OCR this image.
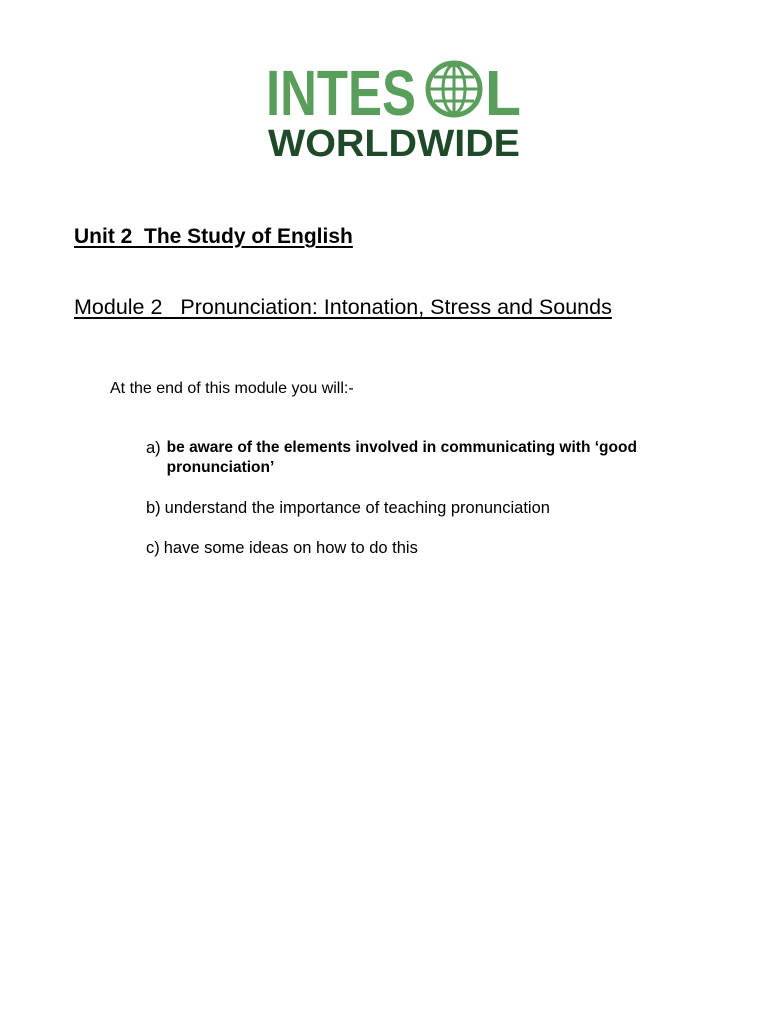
INTES L
WORLDWIDE
Unit 2  The Study of English
Module 2   Pronunciation: Intonation, Stress and Sounds

At the end of this module you will:-

a) be aware of the elements involved in communicating with ‘good pronunciation’
b) understand the importance of teaching pronunciation
c) have some ideas on how to do this
